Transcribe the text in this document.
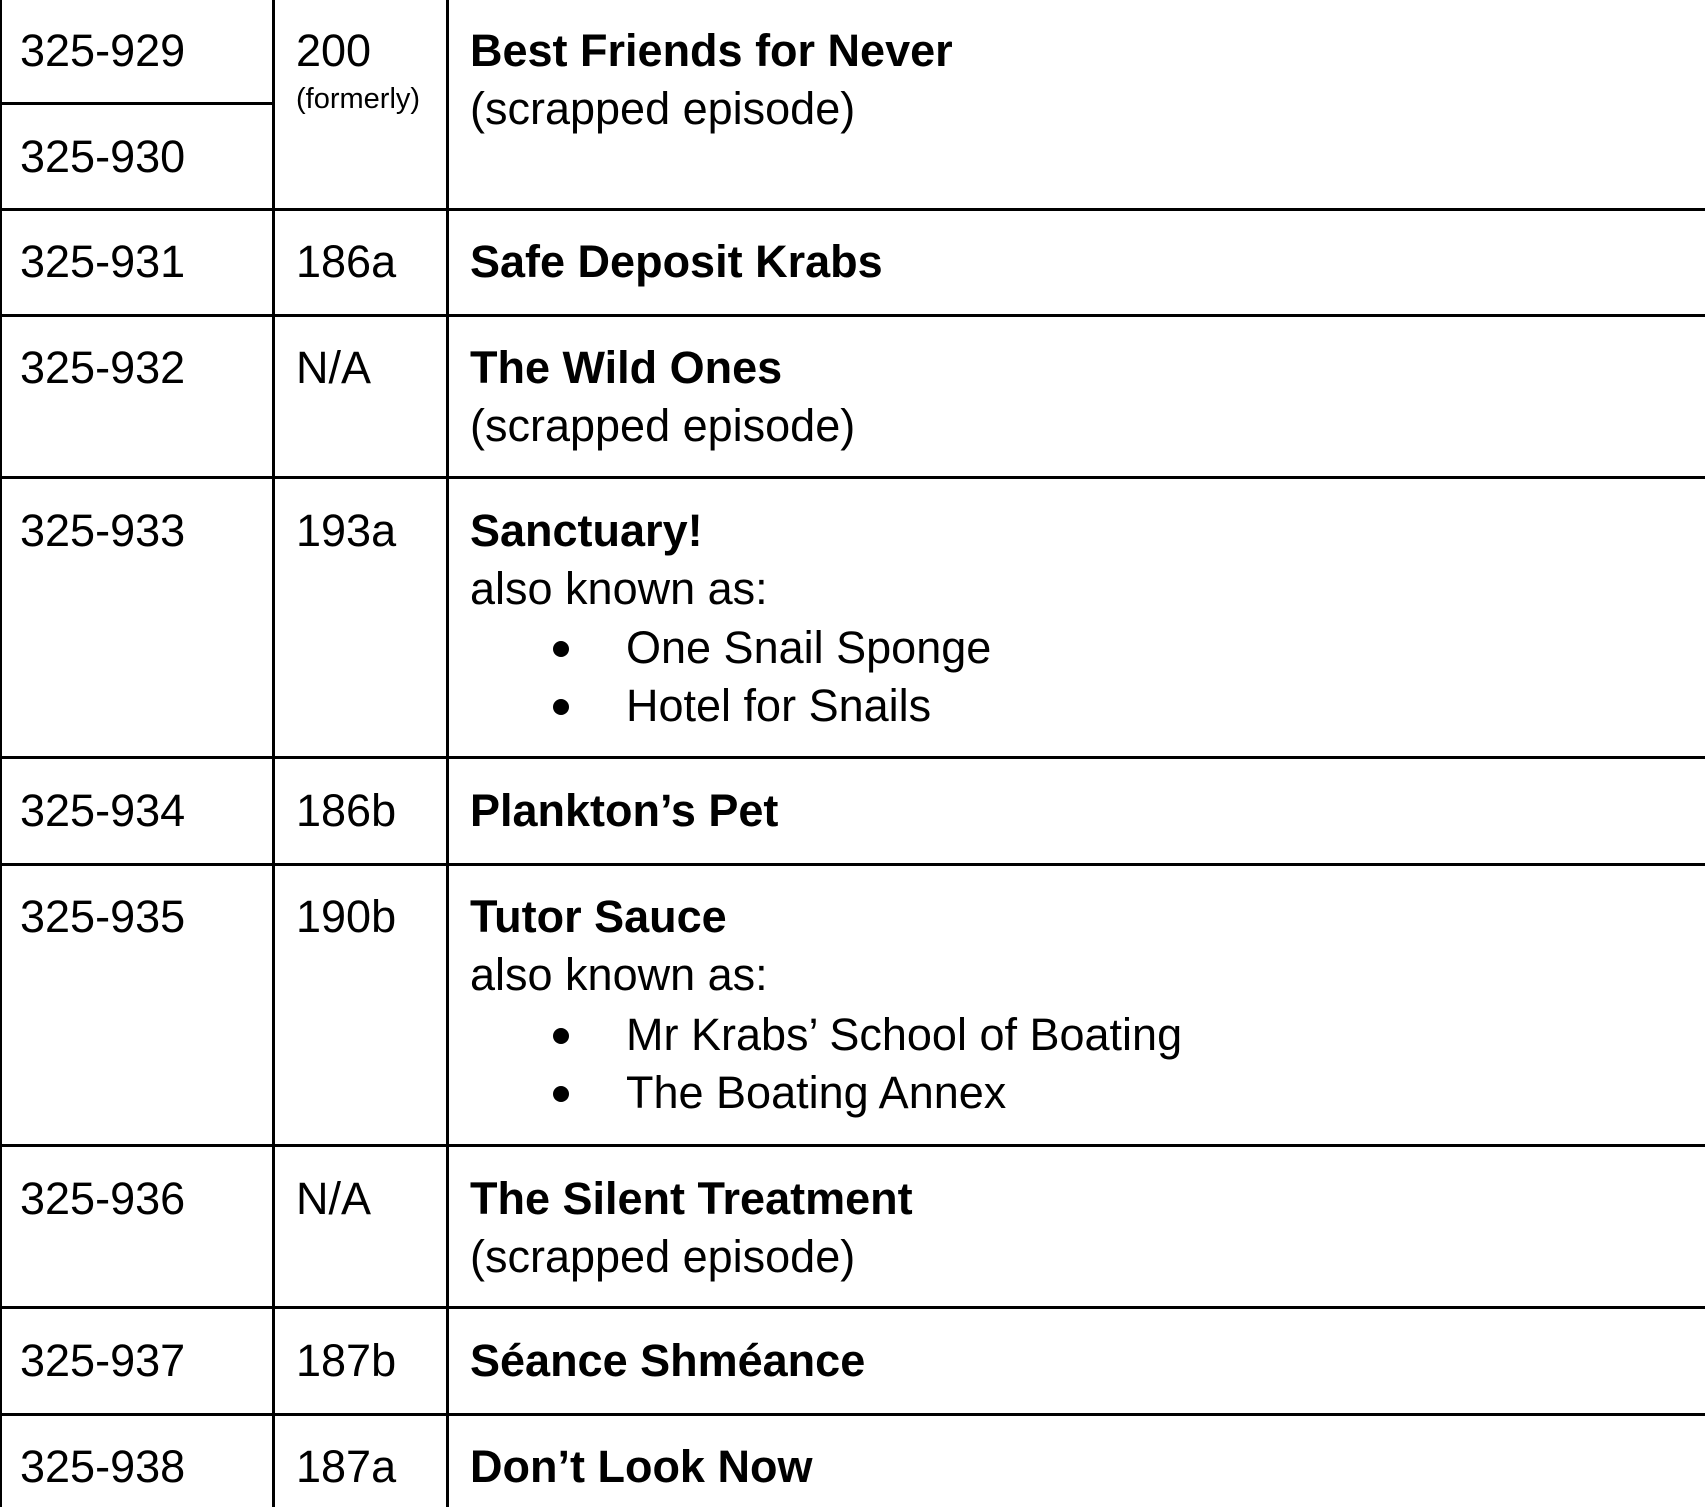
325-929
325-930
200
(formerly)
Best Friends for Never
(scrapped episode)
325-931 186a Safe Deposit Krabs
325-932 N/A The Wild Ones
(scrapped episode)
325-933 193a Sanctuary!
also known as:
One Snail Sponge
Hotel for Snails
325-934 186b Plankton’s Pet
325-935 190b Tutor Sauce
also known as:
Mr Krabs’ School of Boating
The Boating Annex
325-936 N/A The Silent Treatment
(scrapped episode)
325-937 187b Séance Shméance
325-938 187a Don’t Look Now
